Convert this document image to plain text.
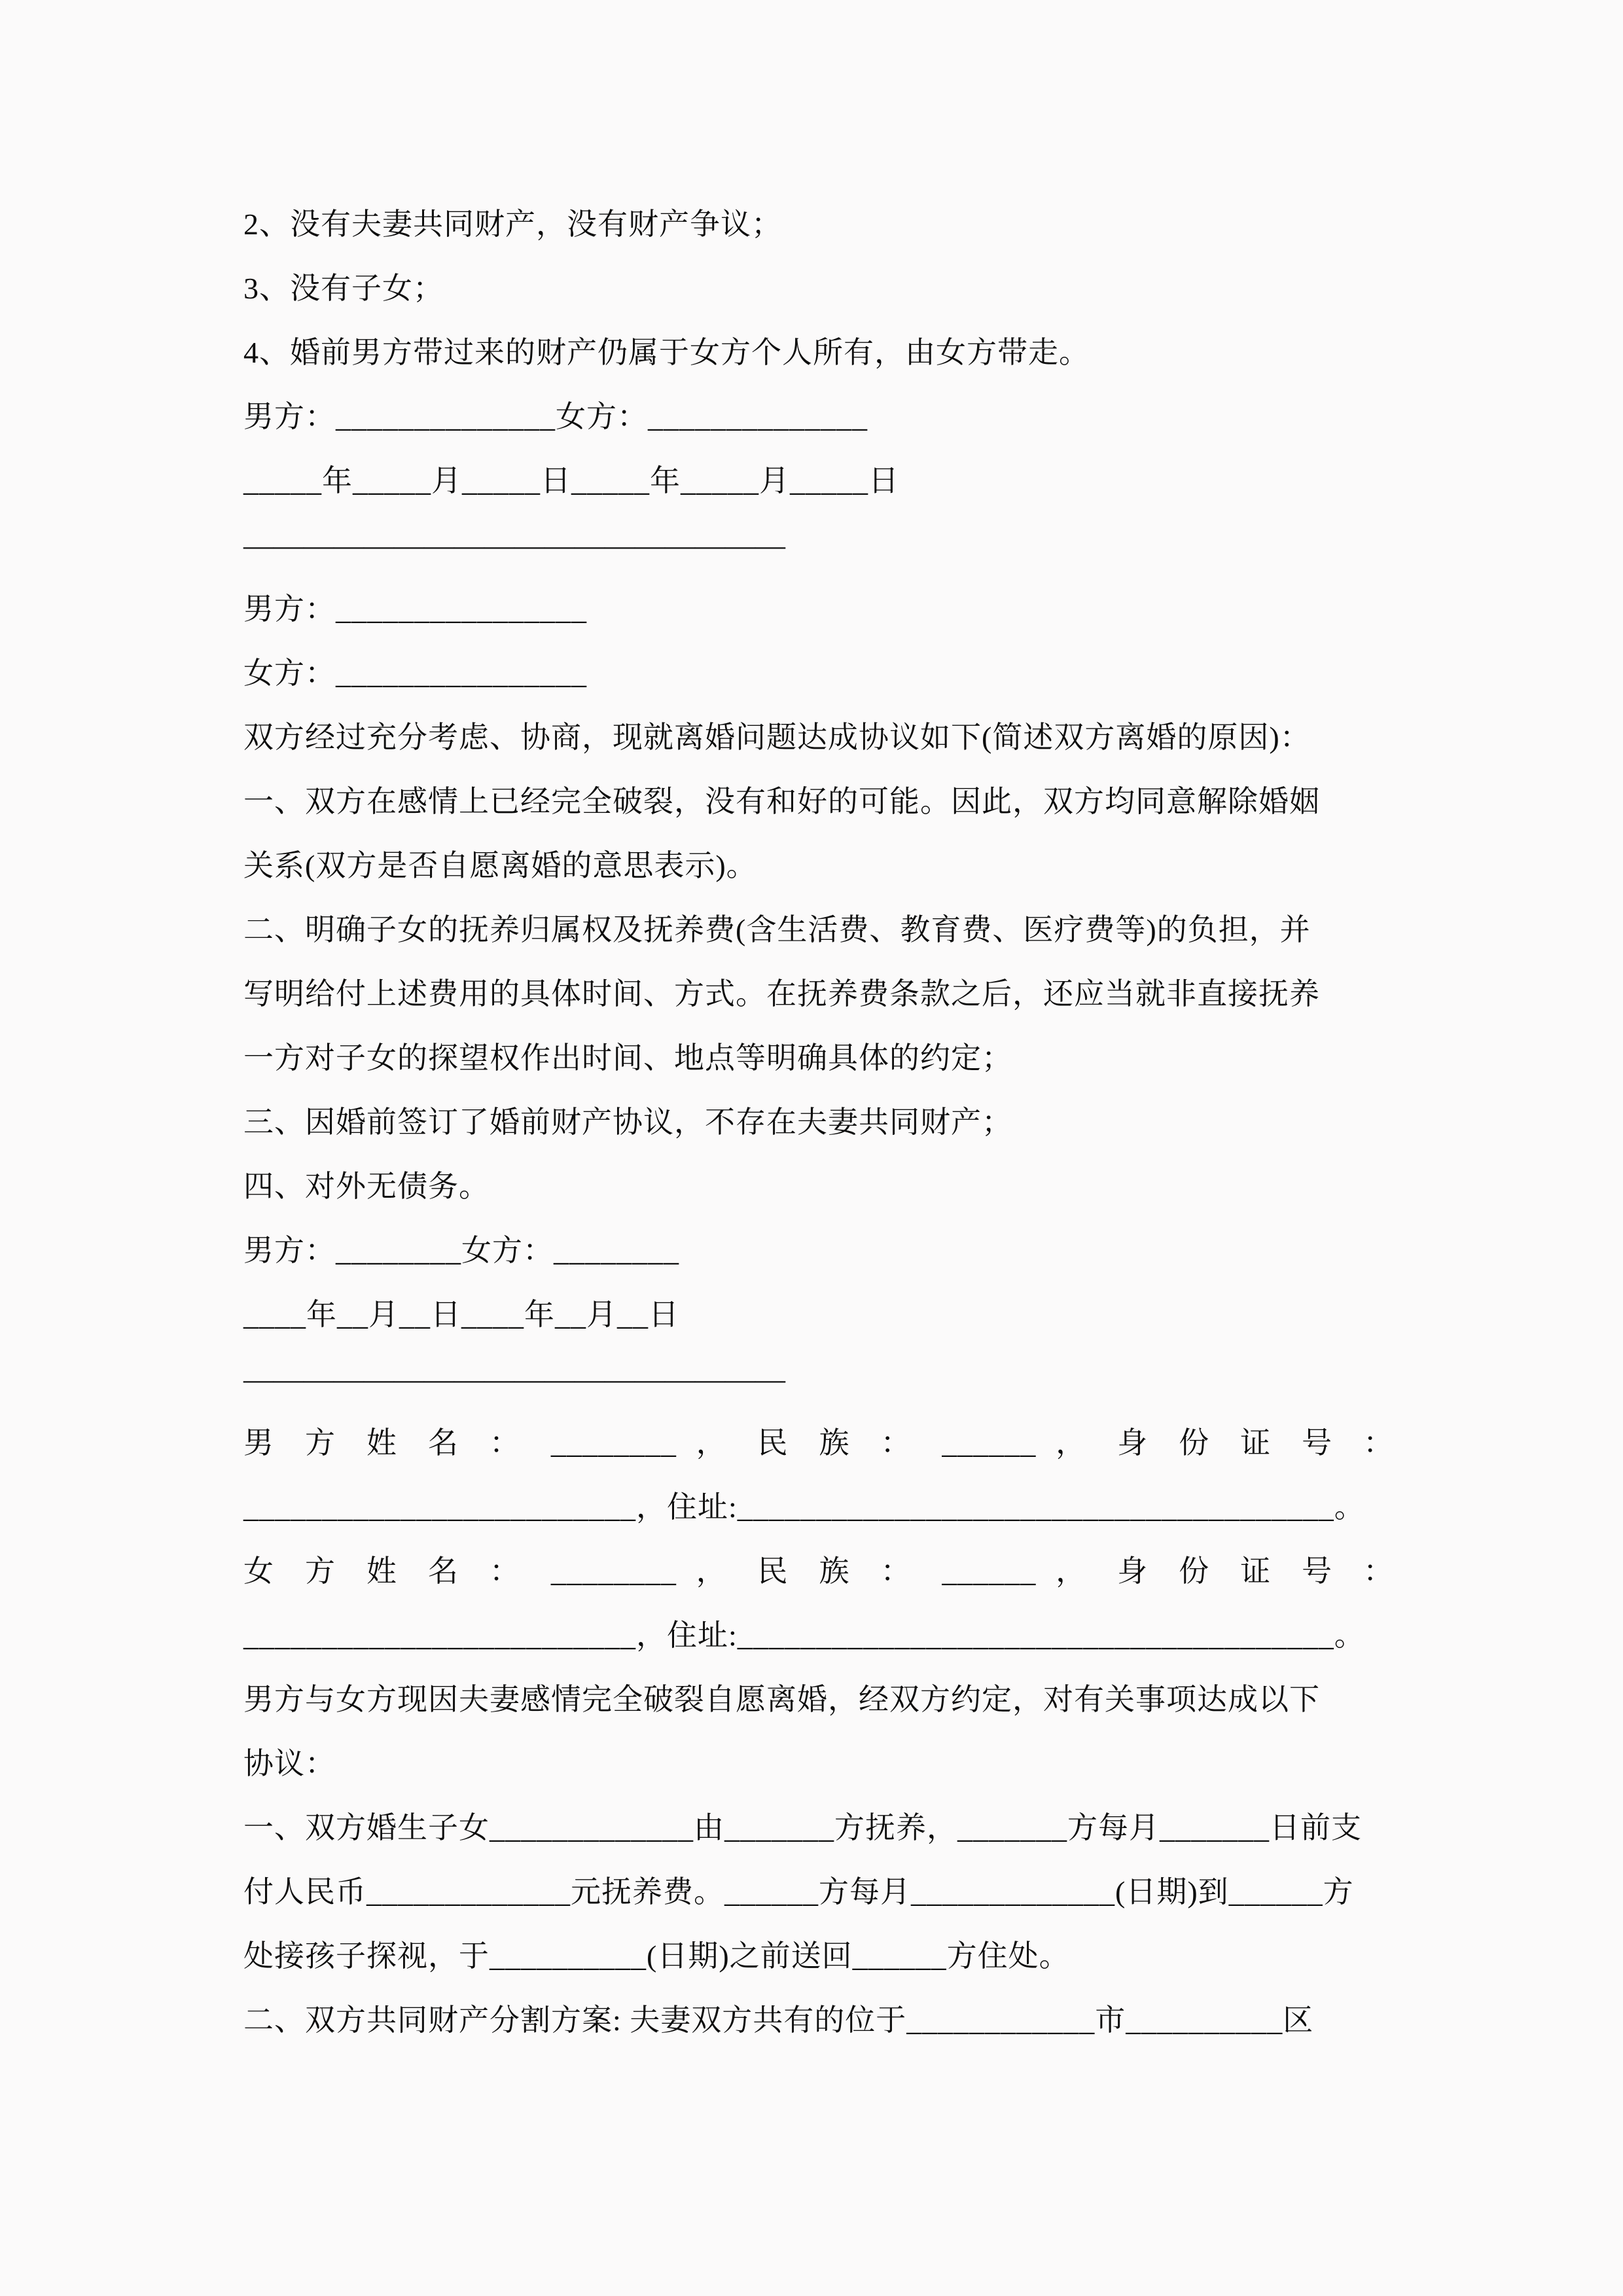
2、没有夫妻共同财产，没有财产争议；
3、没有子女；
4、婚前男方带过来的财产仍属于女方个人所有，由女方带走。
男方：______________女方：______________
_____年_____月_____日_____年_____月_____日
——————————————————
男方：________________
女方：________________
双方经过充分考虑、协商，现就离婚问题达成协议如下(简述双方离婚的原因)：
一、双方在感情上已经完全破裂，没有和好的可能。因此，双方均同意解除婚姻
关系(双方是否自愿离婚的意思表示)。
二、明确子女的抚养归属权及抚养费(含生活费、教育费、医疗费等)的负担，并
写明给付上述费用的具体时间、方式。在抚养费条款之后，还应当就非直接抚养
一方对子女的探望权作出时间、地点等明确具体的约定；
三、因婚前签订了婚前财产协议，不存在夫妻共同财产；
四、对外无债务。
男方：________女方：________
____年__月__日____年__月__日
——————————————————
男 方 姓 名 ： ________ ， 民 族 ： ______ ， 身 份 证 号 ：
_________________________，住址:______________________________________。
女 方 姓 名 ： ________ ， 民 族 ： ______ ， 身 份 证 号 ：
_________________________，住址:______________________________________。
男方与女方现因夫妻感情完全破裂自愿离婚，经双方约定，对有关事项达成以下
协议：
一、双方婚生子女_____________由_______方抚养，_______方每月_______日前支
付人民币_____________元抚养费。______方每月_____________(日期)到______方
处接孩子探视，于__________(日期)之前送回______方住处。
二、双方共同财产分割方案: 夫妻双方共有的位于____________市__________区
